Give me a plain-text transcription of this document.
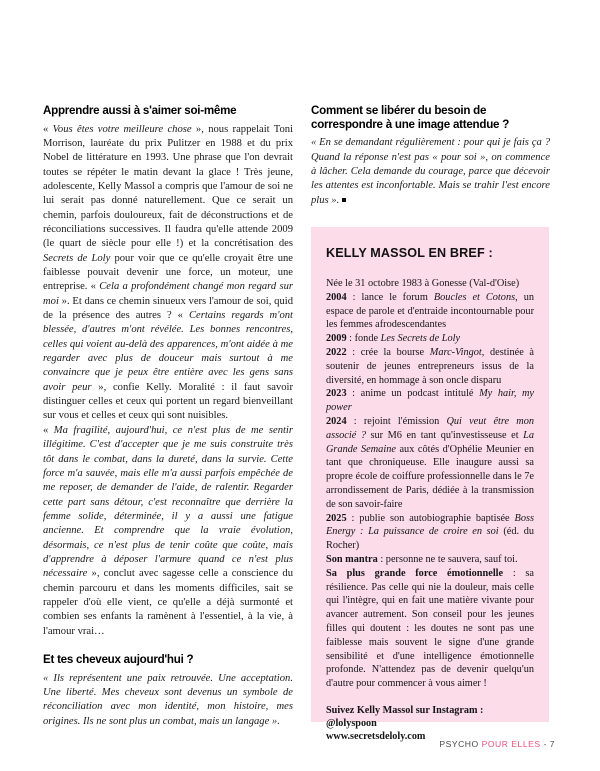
Apprendre aussi à s'aimer soi-même

« Vous êtes votre meilleure chose », nous rappelait Toni Morrison, lauréate du prix Pulitzer en 1988 et du prix Nobel de littérature en 1993. Une phrase que l'on devrait toutes se répéter le matin devant la glace ! Très jeune, adolescente, Kelly Massol a compris que l'amour de soi ne lui serait pas donné naturellement. Que ce serait un chemin, parfois douloureux, fait de déconstructions et de réconciliations successives. Il faudra qu'elle attende 2009 (le quart de siècle pour elle !) et la concrétisation des Secrets de Loly pour voir que ce qu'elle croyait être une faiblesse pouvait devenir une force, un moteur, une entreprise. « Cela a profondément changé mon regard sur moi ». Et dans ce chemin sinueux vers l'amour de soi, quid de la présence des autres ? « Certains regards m'ont blessée, d'autres m'ont révélée. Les bonnes rencontres, celles qui voient au-delà des apparences, m'ont aidée à me regarder avec plus de douceur mais surtout à me convaincre que je peux être entière avec les gens sans avoir peur », confie Kelly. Moralité : il faut savoir distinguer celles et ceux qui portent un regard bienveillant sur vous et celles et ceux qui sont nuisibles.

« Ma fragilité, aujourd'hui, ce n'est plus de me sentir illégitime. C'est d'accepter que je me suis construite très tôt dans le combat, dans la dureté, dans la survie. Cette force m'a sauvée, mais elle m'a aussi parfois empêchée de me reposer, de demander de l'aide, de ralentir. Regarder cette part sans détour, c'est reconnaître que derrière la femme solide, déterminée, il y a aussi une fatigue ancienne. Et comprendre que la vraie évolution, désormais, ce n'est plus de tenir coûte que coûte, mais d'apprendre à déposer l'armure quand ce n'est plus nécessaire », conclut avec sagesse celle a conscience du chemin parcouru et dans les moments difficiles, sait se rappeler d'où elle vient, ce qu'elle a déjà surmonté et combien ses enfants la ramènent à l'essentiel, à la vie, à l'amour vrai…

Et tes cheveux aujourd'hui ?

« Ils représentent une paix retrouvée. Une acceptation. Une liberté. Mes cheveux sont devenus un symbole de réconciliation avec mon identité, mon histoire, mes origines. Ils ne sont plus un combat, mais un langage ».

Comment se libérer du besoin de correspondre à une image attendue ?

« En se demandant régulièrement : pour qui je fais ça ? Quand la réponse n'est pas « pour soi », on commence à lâcher. Cela demande du courage, parce que décevoir les attentes est inconfortable. Mais se trahir l'est encore plus ».

KELLY MASSOL EN BREF :

Née le 31 octobre 1983 à Gonesse (Val-d'Oise)

2004 : lance le forum Boucles et Cotons, un espace de parole et d'entraide incontournable pour les femmes afrodescendantes

2009 : fonde Les Secrets de Loly

2022 : crée la bourse Marc-Vingot, destinée à soutenir de jeunes entrepreneurs issus de la diversité, en hommage à son oncle disparu

2023 : anime un podcast intitulé My hair, my power

2024 : rejoint l'émission Qui veut être mon associé ? sur M6 en tant qu'investisseuse et La Grande Semaine aux côtés d'Ophélie Meunier en tant que chroniqueuse. Elle inaugure aussi sa propre école de coiffure professionnelle dans le 7e arrondissement de Paris, dédiée à la transmission de son savoir-faire

2025 : publie son autobiographie baptisée Boss Energy : La puissance de croire en soi (éd. du Rocher)

Son mantra : personne ne te sauvera, sauf toi.

Sa plus grande force émotionnelle : sa résilience. Pas celle qui nie la douleur, mais celle qui l'intègre, qui en fait une matière vivante pour avancer autrement. Son conseil pour les jeunes filles qui doutent : les doutes ne sont pas une faiblesse mais souvent le signe d'une grande sensibilité et d'une intelligence émotionnelle profonde. N'attendez pas de devenir quelqu'un d'autre pour commencer à vous aimer !

Suivez Kelly Massol sur Instagram : @lolyspoon
www.secretsdeloly.com

PSYCHO POUR ELLES - 7
